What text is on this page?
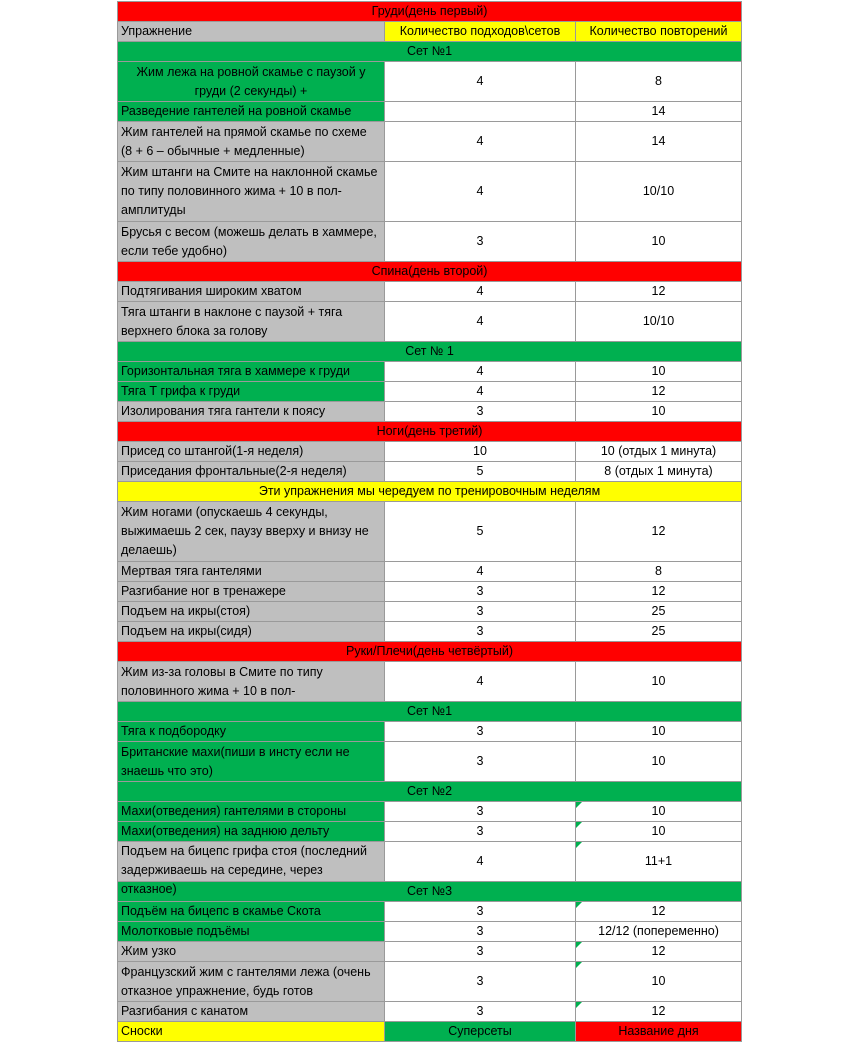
Груди(день первый)		
Упражнение	Количество подходов\сетов	Количество повторений
Сет №1		
Жим лежа на ровной скамье с паузой у груди (2 секунды) +	4	8
Разведение гантелей на ровной скамье		14
Жим гантелей на прямой скамье по схеме (8 + 6 – обычные + медленные)	4	14
Жим штанги на Смите на наклонной скамье по типу половинного жима + 10 в пол-амплитуды	4	10/10
Брусья с весом (можешь делать в хаммере, если тебе удобно)	3	10
Спина(день второй)		
Подтягивания широким хватом	4	12
Тяга штанги в наклоне с паузой + тяга верхнего блока за голову	4	10/10
Сет № 1		
Горизонтальная тяга в хаммере к груди	4	10
Тяга Т грифа к груди	4	12
Изолирования тяга гантели к поясу	3	10
Ноги(день третий)		
Присед со штангой(1-я неделя)	10	10 (отдых 1 минута)
Приседания фронтальные(2-я неделя)	5	8 (отдых 1 минута)
Эти упражнения мы чередуем по тренировочным неделям		
Жим ногами (опускаешь 4 секунды, выжимаешь 2 сек, паузу вверху и внизу не делаешь)	5	12
Мертвая тяга гантелями	4	8
Разгибание ног в тренажере	3	12
Подъем на икры(стоя)	3	25
Подъем на икры(сидя)	3	25
Руки/Плечи(день четвёртый)		
Жим из-за головы в Смите по типу половинного жима + 10 в пол-	4	10
Сет №1		
Тяга к подбородку	3	10
Британские махи(пиши в инсту если не знаешь что это)	3	10
Сет №2		
Махи(отведения) гантелями в стороны	3	10
Махи(отведения) на заднюю дельту	3	10

Подъем на бицепс грифа стоя (последний задерживаешь на середине, через отказное)	4	11+1
Сет №3		
Подъём на бицепс в скамье Скота	3	12
Молотковые подъёмы	3	12/12 (попеременно)
Жим узко	3	12
Французский жим с гантелями лежа (очень отказное упражнение, будь готов	3	10
Разгибания с канатом	3	12
Сноски	Суперсеты	Название дня
